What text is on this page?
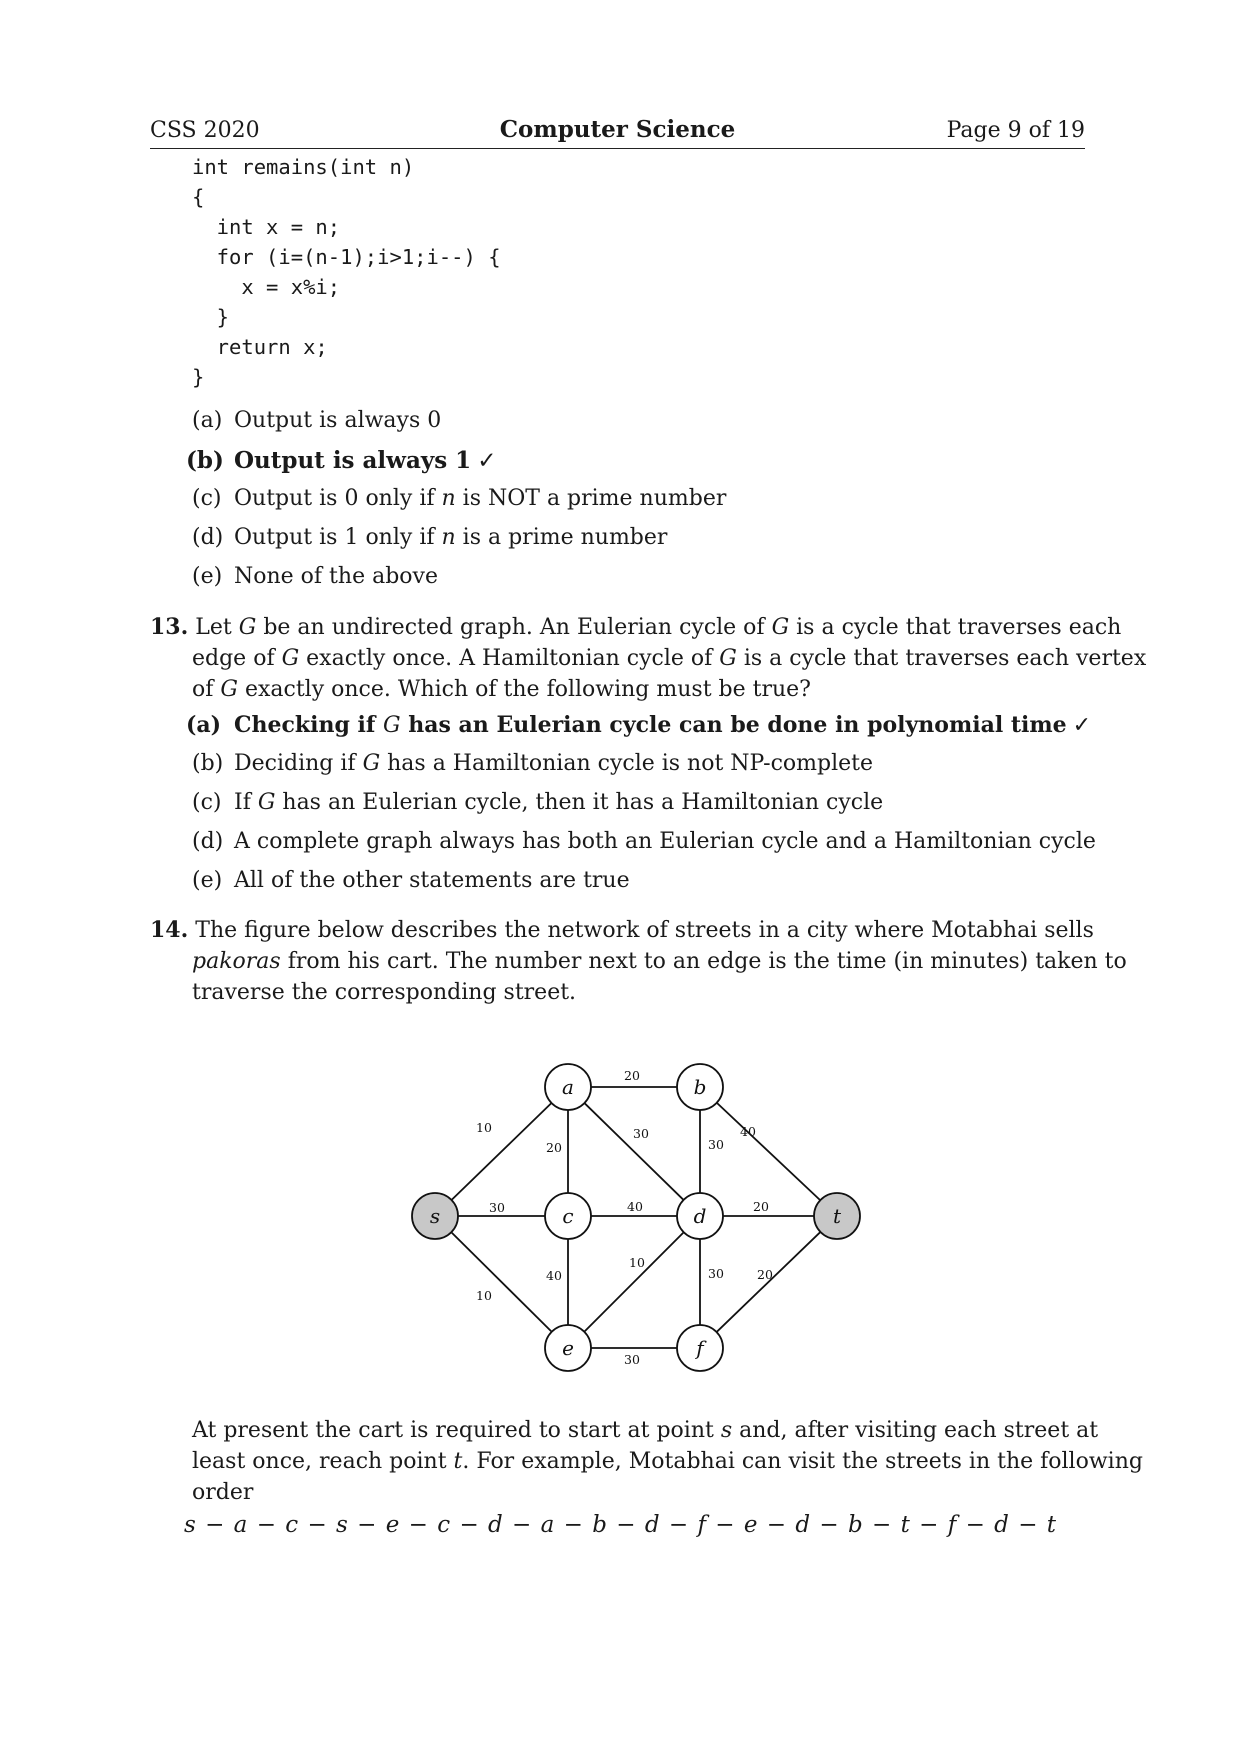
CSS 2020	Computer Science	Page 9 of 19
int remains(int n)
{
int x = n;
for (i=(n-1);i>1;i--) {
x = x%i;
}
return x;
}
(a) Output is always 0
(b) Output is always 1 ✓
(c) Output is 0 only if n is NOT a prime number
(d) Output is 1 only if n is a prime number
(e) None of the above
13. Let G be an undirected graph. An Eulerian cycle of G is a cycle that traverses each
edge of G exactly once. A Hamiltonian cycle of G is a cycle that traverses each vertex
of G exactly once. Which of the following must be true?
(a) Checking if G has an Eulerian cycle can be done in polynomial time ✓
(b) Deciding if G has a Hamiltonian cycle is not NP-complete
(c) If G has an Eulerian cycle, then it has a Hamiltonian cycle
(d) A complete graph always has both an Eulerian cycle and a Hamiltonian cycle
(e) All of the other statements are true
14. The figure below describes the network of streets in a city where Motabhai sells
pakoras from his cart. The number next to an edge is the time (in minutes) taken to
traverse the corresponding street.
20
10
20
30
30
40
30	40	20
10
40
10
30	20
30
s
a	b
c	d
e	f
t
At present the cart is required to start at point s and, after visiting each street at
least once, reach point t. For example, Motabhai can visit the streets in the following
order
s − a − c − s − e − c − d − a − b − d − f − e − d − b − t − f − d − t
